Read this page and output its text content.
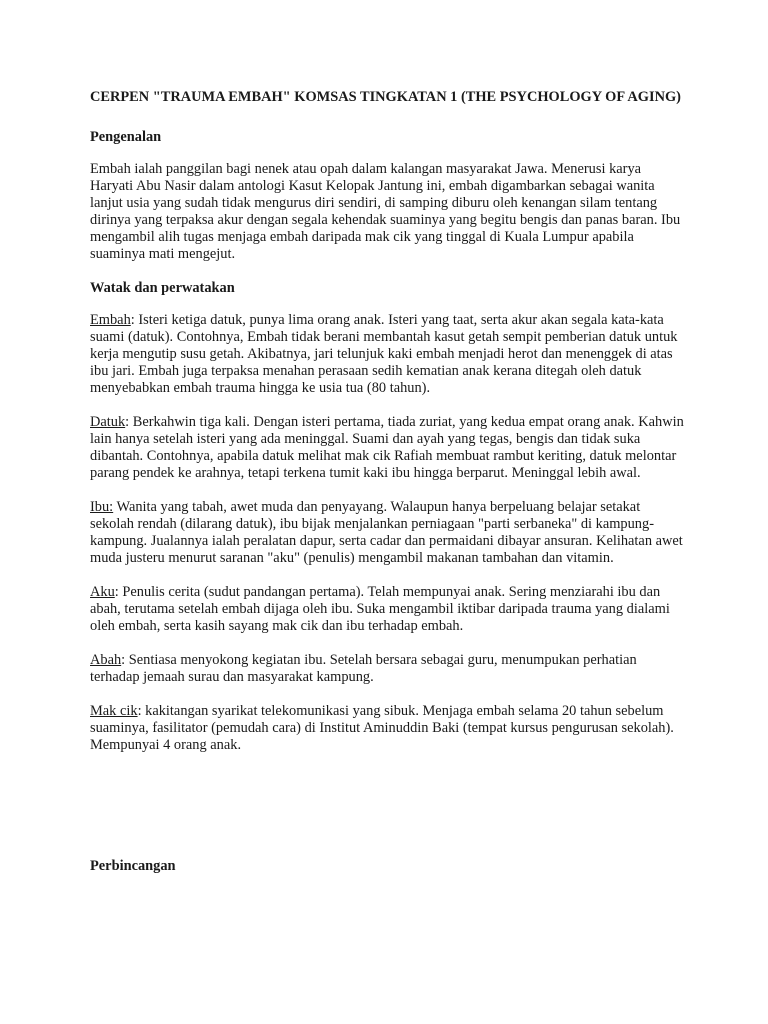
CERPEN "TRAUMA EMBAH" KOMSAS TINGKATAN 1 (THE PSYCHOLOGY OF AGING)

Pengenalan

Embah ialah panggilan bagi nenek atau opah dalam kalangan masyarakat Jawa. Menerusi karya Haryati Abu Nasir dalam antologi Kasut Kelopak Jantung ini, embah digambarkan sebagai wanita lanjut usia yang sudah tidak mengurus diri sendiri, di samping diburu oleh kenangan silam tentang dirinya yang terpaksa akur dengan segala kehendak suaminya yang begitu bengis dan panas baran. Ibu mengambil alih tugas menjaga embah daripada mak cik yang tinggal di Kuala Lumpur apabila suaminya mati mengejut.

Watak dan perwatakan

Embah: Isteri ketiga datuk, punya lima orang anak. Isteri yang taat, serta akur akan segala kata-kata suami (datuk). Contohnya, Embah tidak berani membantah kasut getah sempit pemberian datuk untuk kerja mengutip susu getah. Akibatnya, jari telunjuk kaki embah menjadi herot dan menenggek di atas ibu jari. Embah juga terpaksa menahan perasaan sedih kematian anak kerana ditegah oleh datuk menyebabkan embah trauma hingga ke usia tua (80 tahun).

Datuk: Berkahwin tiga kali. Dengan isteri pertama, tiada zuriat, yang kedua empat orang anak. Kahwin lain hanya setelah isteri yang ada meninggal. Suami dan ayah yang tegas, bengis dan tidak suka dibantah. Contohnya, apabila datuk melihat mak cik Rafiah membuat rambut keriting, datuk melontar parang pendek ke arahnya, tetapi terkena tumit kaki ibu hingga berparut. Meninggal lebih awal.

Ibu: Wanita yang tabah, awet muda dan penyayang. Walaupun hanya berpeluang belajar setakat sekolah rendah (dilarang datuk), ibu bijak menjalankan perniagaan "parti serbaneka" di kampung-kampung. Jualannya ialah peralatan dapur, serta cadar dan permaidani dibayar ansuran. Kelihatan awet muda justeru menurut saranan "aku" (penulis) mengambil makanan tambahan dan vitamin.

Aku: Penulis cerita (sudut pandangan pertama). Telah mempunyai anak. Sering menziarahi ibu dan abah, terutama setelah embah dijaga oleh ibu. Suka mengambil iktibar daripada trauma yang dialami oleh embah, serta kasih sayang mak cik dan ibu terhadap embah.

Abah: Sentiasa menyokong kegiatan ibu. Setelah bersara sebagai guru, menumpukan perhatian terhadap jemaah surau dan masyarakat kampung.

Mak cik: kakitangan syarikat telekomunikasi yang sibuk. Menjaga embah selama 20 tahun sebelum suaminya, fasilitator (pemudah cara) di Institut Aminuddin Baki (tempat kursus pengurusan sekolah). Mempunyai 4 orang anak.

Perbincangan
